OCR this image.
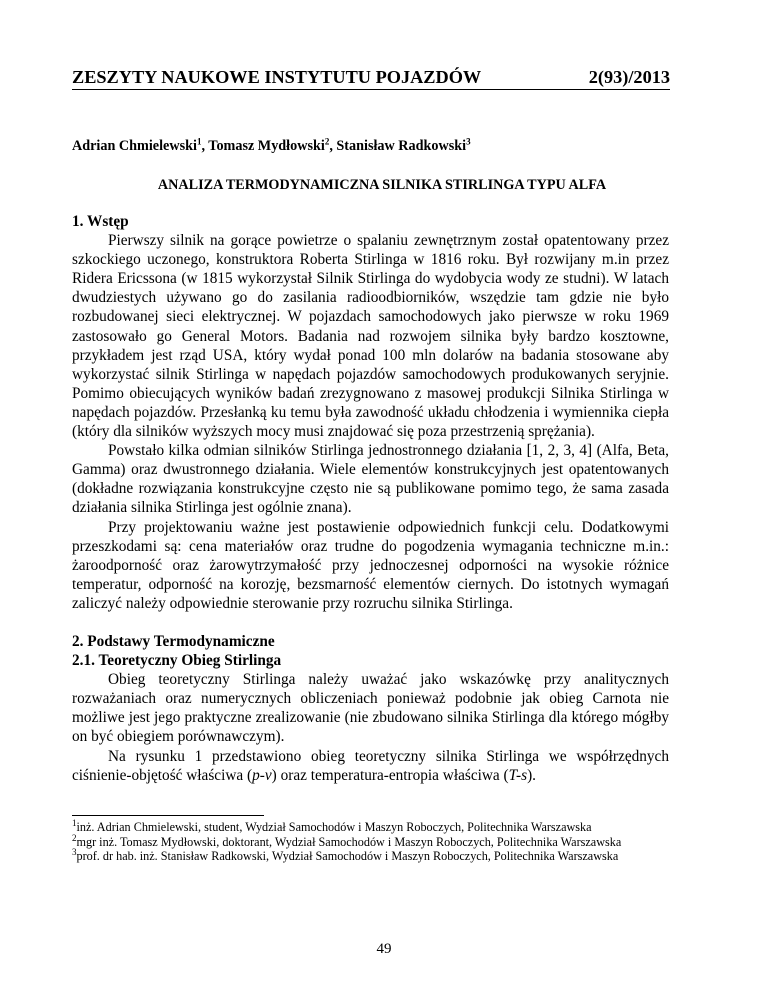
ZESZYTY NAUKOWE INSTYTUTU POJAZDÓW	2(93)/2013
Adrian Chmielewski$^1$, Tomasz Mydłowski$^2$, Stanisław Radkowski$^3$
ANALIZA TERMODYNAMICZNA SILNIKA STIRLINGA TYPU ALFA
1. Wstęp

Pierwszy silnik na gorące powietrze o spalaniu zewnętrznym został opatentowany przez szkockiego uczonego, konstruktora Roberta Stirlinga w 1816 roku. Był rozwijany m.in przez Ridera Ericssona (w 1815 wykorzystał Silnik Stirlinga do wydobycia wody ze studni). W latach dwudziestych używano go do zasilania radioodbiorników, wszędzie tam gdzie nie było rozbudowanej sieci elektrycznej. W pojazdach samochodowych jako pierwsze w roku 1969 zastosowało go General Motors. Badania nad rozwojem silnika były bardzo kosztowne, przykładem jest rząd USA, który wydał ponad 100 mln dolarów na badania stosowane aby wykorzystać silnik Stirlinga w napędach pojazdów samochodowych produkowanych seryjnie. Pomimo obiecujących wyników badań zrezygnowano z masowej produkcji Silnika Stirlinga w napędach pojazdów. Przesłanką ku temu była zawodność układu chłodzenia i wymiennika ciepła (który dla silników wyższych mocy musi znajdować się poza przestrzenią sprężania).

Powstało kilka odmian silników Stirlinga jednostronnego działania [1, 2, 3, 4] (Alfa, Beta, Gamma) oraz dwustronnego działania. Wiele elementów konstrukcyjnych jest opatentowanych (dokładne rozwiązania konstrukcyjne często nie są publikowane pomimo tego, że sama zasada działania silnika Stirlinga jest ogólnie znana).

Przy projektowaniu ważne jest postawienie odpowiednich funkcji celu. Dodatkowymi przeszkodami są: cena materiałów oraz trudne do pogodzenia wymagania techniczne m.in.: żaroodporność oraz żarowytrzymałość przy jednoczesnej odporności na wysokie różnice temperatur, odporność na korozję, bezsmarność elementów ciernych. Do istotnych wymagań zaliczyć należy odpowiednie sterowanie przy rozruchu silnika Stirlinga.

2. Podstawy Termodynamiczne
2.1. Teoretyczny Obieg Stirlinga

Obieg teoretyczny Stirlinga należy uważać jako wskazówkę przy analitycznych rozważaniach oraz numerycznych obliczeniach ponieważ podobnie jak obieg Carnota nie możliwe jest jego praktyczne zrealizowanie (nie zbudowano silnika Stirlinga dla którego mógłby on być obiegiem porównawczym).

Na rysunku 1 przedstawiono obieg teoretyczny silnika Stirlinga we współrzędnych ciśnienie-objętość właściwa (p-v) oraz temperatura-entropia właściwa (T-s).

$^1$inż. Adrian Chmielewski, student, Wydział Samochodów i Maszyn Roboczych, Politechnika Warszawska
$^2$mgr inż. Tomasz Mydłowski, doktorant, Wydział Samochodów i Maszyn Roboczych, Politechnika Warszawska
$^3$prof. dr hab. inż. Stanisław Radkowski, Wydział Samochodów i Maszyn Roboczych, Politechnika Warszawska
49
